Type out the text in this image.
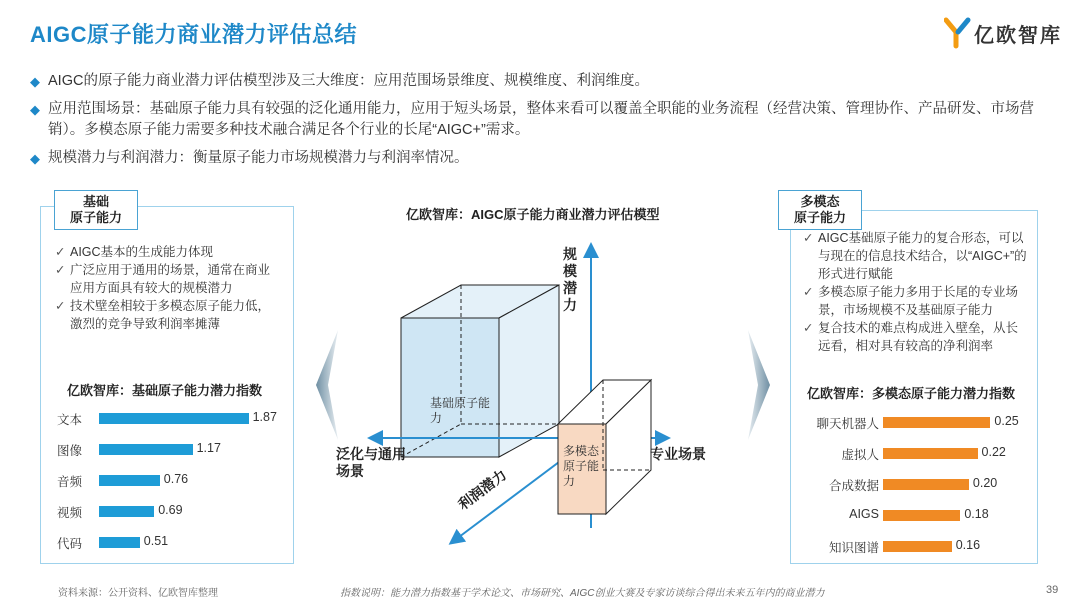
AIGC原子能力商业潜力评估总结	亿欧智库
◆ AIGC的原子能力商业潜力评估模型涉及三大维度：应用范围场景维度、规模维度、利润维度。
◆ 应用范围场景：基础原子能力具有较强的泛化通用能力，应用于短头场景，整体来看可以覆盖全职能的业务流程（经营决策、管理协作、产品研发、市场营销）。多模态原子能力需要多种技术融合满足各个行业的长尾“AIGC+”需求。
◆ 规模潜力与利润潜力：衡量原子能力市场规模潜力与利润率情况。
✓ AIGC基本的生成能力体现
✓ 广泛应用于通用的场景，通常在商业应用方面具有较大的规模潜力
✓ 技术壁垒相较于多模态原子能力低，激烈的竞争导致利润率摊薄
亿欧智库：基础原子能力潜力指数
文本	1.87
图像	1.17
音频	0.76
视频	0.69
代码	0.51
基础
原子能力	亿欧智库：AIGC原子能力商业潜力评估模型
规模潜力
泛化与通用场景
专业场景
利润潜力
基础原子能力
多模态原子能力
✓ AIGC基础原子能力的复合形态，可以与现在的信息技术结合，以“AIGC+”的形式进行赋能
✓ 多模态原子能力多用于长尾的专业场景，市场规模不及基础原子能力
✓ 复合技术的难点构成进入壁垒，从长远看，相对具有较高的净利润率
亿欧智库：多模态原子能力潜力指数
聊天机器人	0.25
虚拟人	0.22
合成数据	0.20
AIGS	0.18
知识图谱	0.16
多模态
原子能力
资料来源：公开资料、亿欧智库整理	指数说明：能力潜力指数基于学术论文、市场研究、AIGC创业大赛及专家访谈综合得出未来五年内的商业潜力	39
